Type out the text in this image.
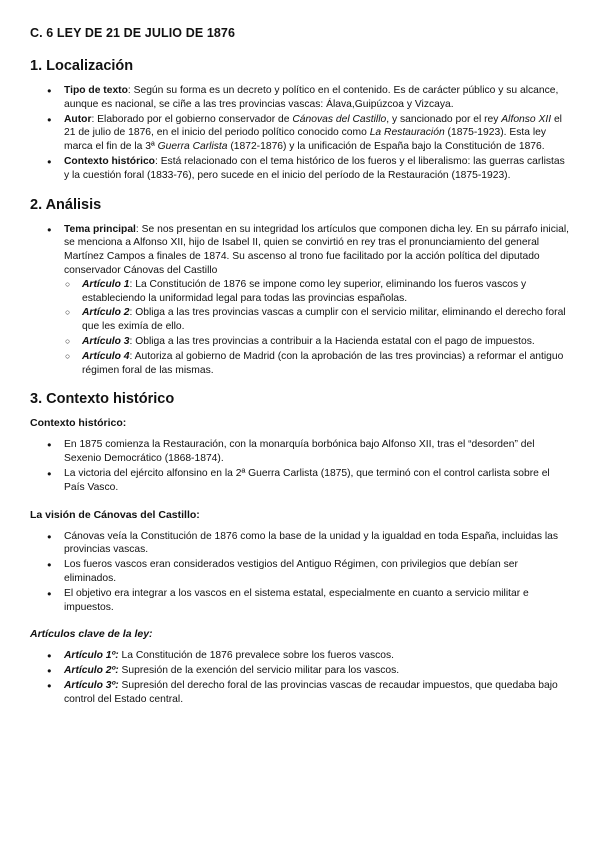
C. 6 LEY DE 21 DE JULIO DE 1876
1. Localización
● Tipo de texto: Según su forma es un decreto y político en el contenido. Es de carácter público y su alcance, aunque es nacional, se ciñe a las tres provincias vascas: Álava,Guipúzcoa y Vizcaya.
● Autor: Elaborado por el gobierno conservador de Cánovas del Castillo, y sancionado por el rey Alfonso XII el 21 de julio de 1876, en el inicio del periodo político conocido como La Restauración (1875-1923). Esta ley marca el fin de la 3ª Guerra Carlista (1872-1876) y la unificación de España bajo la Constitución de 1876.
● Contexto histórico: Está relacionado con el tema histórico de los fueros y el liberalismo: las guerras carlistas y la cuestión foral (1833-76), pero sucede en el inicio del período de la Restauración (1875-1923).
2. Análisis
● Tema principal: Se nos presentan en su integridad los artículos que componen dicha ley. En su párrafo inicial, se menciona a Alfonso XII, hijo de Isabel II, quien se convirtió en rey tras el pronunciamiento del general Martínez Campos a finales de 1874. Su ascenso al trono fue facilitado por la acción política del diputado conservador Cánovas del Castillo
○ Artículo 1: La Constitución de 1876 se impone como ley superior, eliminando los fueros vascos y estableciendo la uniformidad legal para todas las provincias españolas.
○ Artículo 2: Obliga a las tres provincias vascas a cumplir con el servicio militar, eliminando el derecho foral que les eximía de ello.
○ Artículo 3: Obliga a las tres provincias a contribuir a la Hacienda estatal con el pago de impuestos.
○ Artículo 4: Autoriza al gobierno de Madrid (con la aprobación de las tres provincias) a reformar el antiguo régimen foral de las mismas.
3. Contexto histórico
Contexto histórico:
● En 1875 comienza la Restauración, con la monarquía borbónica bajo Alfonso XII, tras el “desorden” del Sexenio Democrático (1868-1874).
● La victoria del ejército alfonsino en la 2ª Guerra Carlista (1875), que terminó con el control carlista sobre el País Vasco.
La visión de Cánovas del Castillo:
● Cánovas veía la Constitución de 1876 como la base de la unidad y la igualdad en toda España, incluidas las provincias vascas.
● Los fueros vascos eran considerados vestigios del Antiguo Régimen, con privilegios que debían ser eliminados.
● El objetivo era integrar a los vascos en el sistema estatal, especialmente en cuanto a servicio militar e impuestos.
Artículos clave de la ley:
● Artículo 1º: La Constitución de 1876 prevalece sobre los fueros vascos.
● Artículo 2º: Supresión de la exención del servicio militar para los vascos.
● Artículo 3º: Supresión del derecho foral de las provincias vascas de recaudar impuestos, que quedaba bajo control del Estado central.
